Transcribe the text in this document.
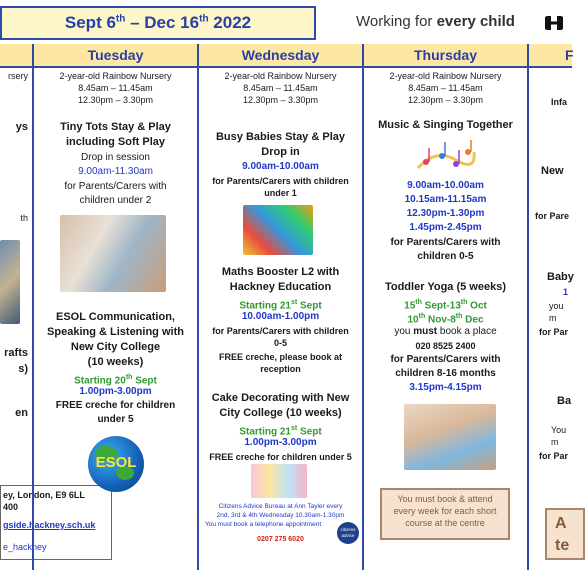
Sept 6th – Dec 16th 2022	Working for every child
rsery
ys
th
rafts
s)
en
ey, London, E9 6LL
400
gside.hackney.sch.uk
e_hackney
Tuesday
2-year-old Rainbow Nursery
8.45am – 11.45am
12.30pm – 3.30pm
Tiny Tots Stay & Play
including Soft Play
Drop in session
9.00am-11.30am
for Parents/Carers with
children under 2
ESOL Communication,
Speaking & Listening with
New City College
(10 weeks)
Starting 20th Sept
1.00pm-3.00pm
FREE creche for children
under 5
ESOL
Wednesday
2-year-old Rainbow Nursery
8.45am – 11.45am
12.30pm – 3.30pm
Busy Babies Stay & Play
Drop in
9.00am-10.00am
for Parents/Carers with children
under 1
Maths Booster L2 with
Hackney Education
Starting 21st Sept
10.00am-1.00pm
for Parents/Carers with children
0-5
FREE creche, please book at
reception
Cake Decorating with New
City College (10 weeks)
Starting 21st Sept
1.00pm-3.00pm
FREE creche for children under 5
Citizens Advice Bureau at Ann Tayler every
2nd, 3rd & 4th Wednesday 10.30am-1.30pm
You must book a telephone appointment
0207 275 6020
citizens advice
Thursday
2-year-old Rainbow Nursery
8.45am – 11.45am
12.30pm – 3.30pm
Music & Singing Together
9.00am-10.00am
10.15am-11.15am
12.30pm-1.30pm
1.45pm-2.45pm
for Parents/Carers with
children 0-5
Toddler Yoga (5 weeks)
15th Sept-13th Oct
10th Nov-8th Dec
you must book a place
020 8525 2400
for Parents/Carers with
children 8-16 months
3.15pm-4.15pm
You must book & attend every week for each short course at the centre
F
Infa
New
for Pare
Baby
1
you m
for Par
Ba
You m
for Par
A
te
